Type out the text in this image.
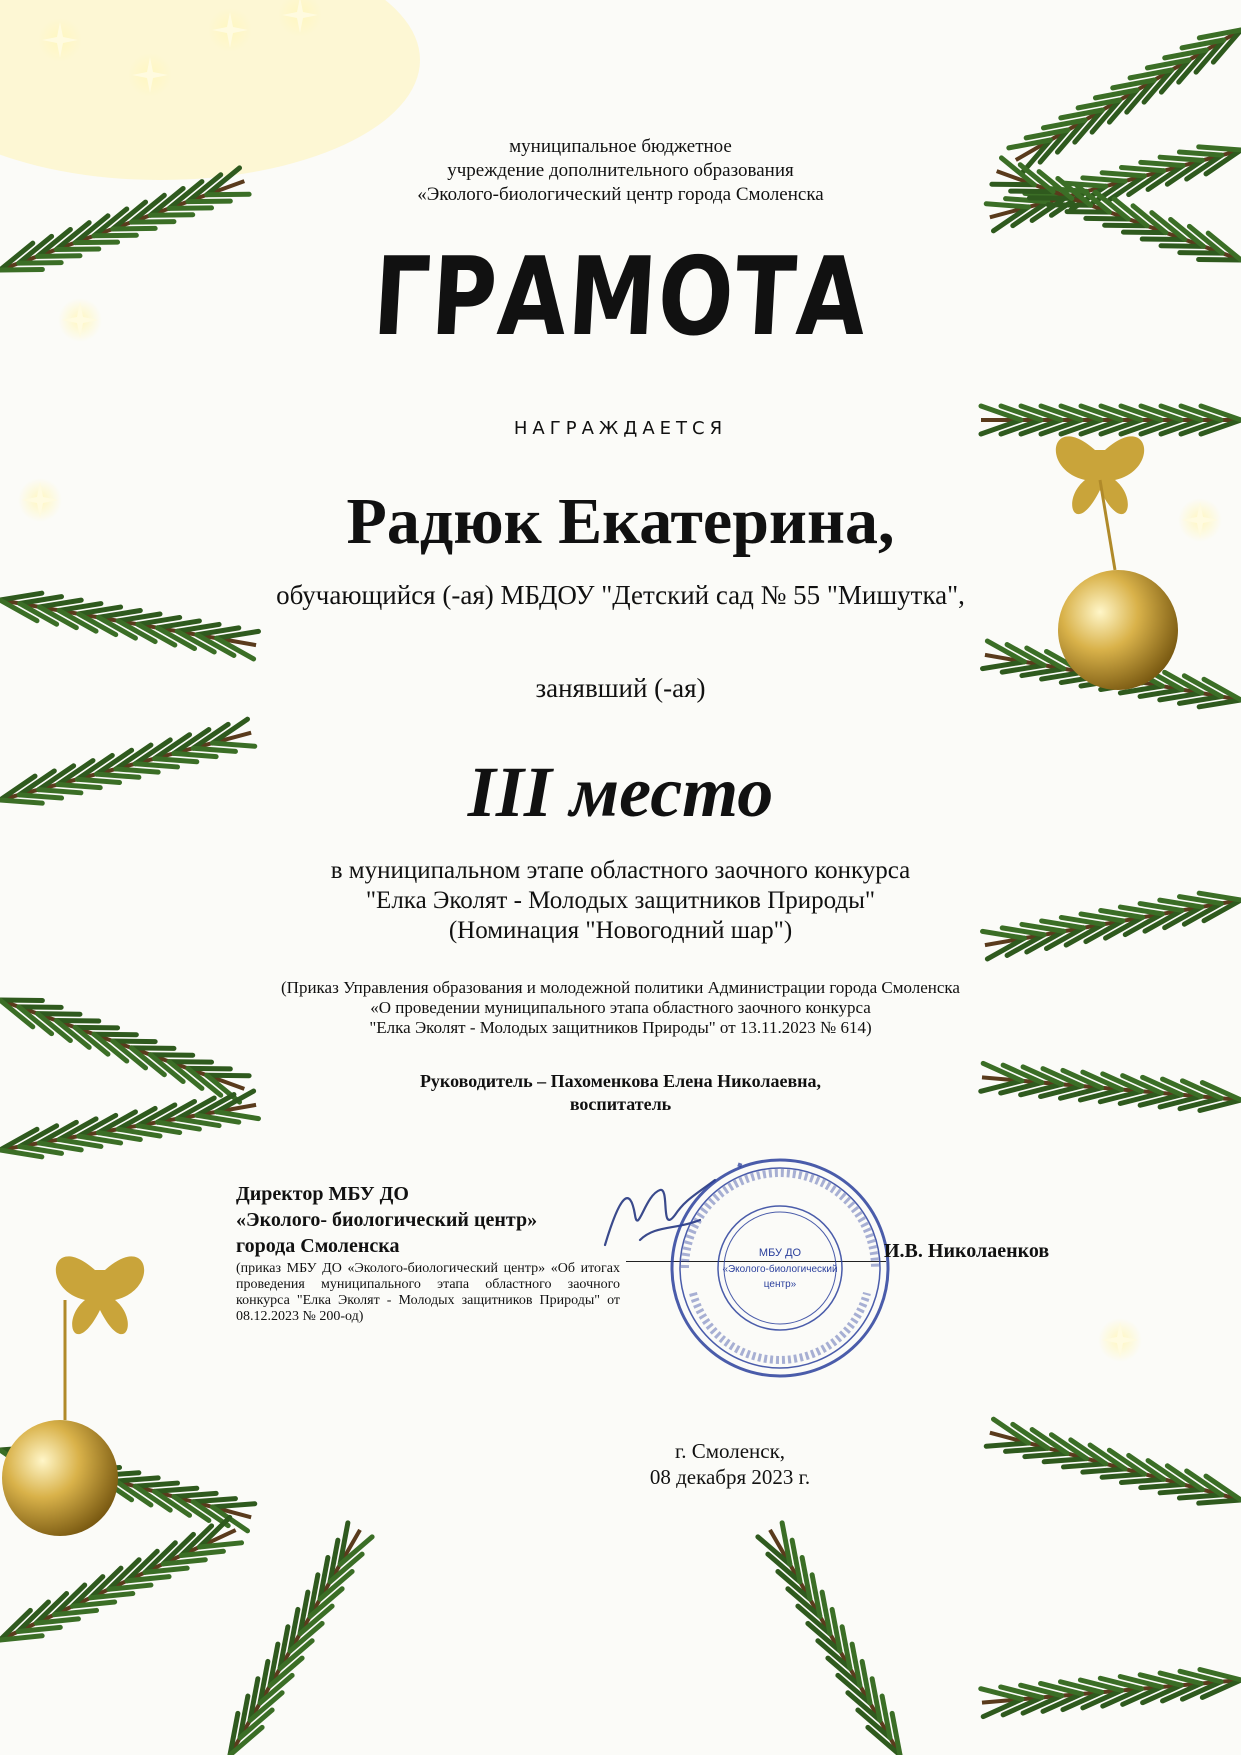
муниципальное бюджетное
учреждение дополнительного образования
«Эколого-биологический центр города Смоленска
ГРАМОТА
НАГРАЖДАЕТСЯ
Радюк Екатерина,
обучающийся (-ая) МБДОУ "Детский сад № 55 "Мишутка",
занявший (-ая)
III место
в муниципальном этапе областного заочного конкурса
"Елка Эколят - Молодых защитников Природы"
(Номинация "Новогодний шар")
(Приказ Управления образования и молодежной политики Администрации города Смоленска
«О проведении муниципального этапа областного заочного конкурса
"Елка Эколят - Молодых защитников Природы" от 13.11.2023 № 614)
Руководитель – Пахоменкова Елена Николаевна,
воспитатель
Директор МБУ ДО
«Эколого- биологический центр»
города Смоленска
(приказ МБУ ДО «Эколого-биологический центр» «Об итогах проведения муниципального этапа областного заочного конкурса "Елка Эколят - Молодых защитников Природы" от 08.12.2023 № 200-од)
МБУ ДО
«Эколого-биологический
центр»
И.В. Николаенков
г. Смоленск,
08 декабря 2023 г.
